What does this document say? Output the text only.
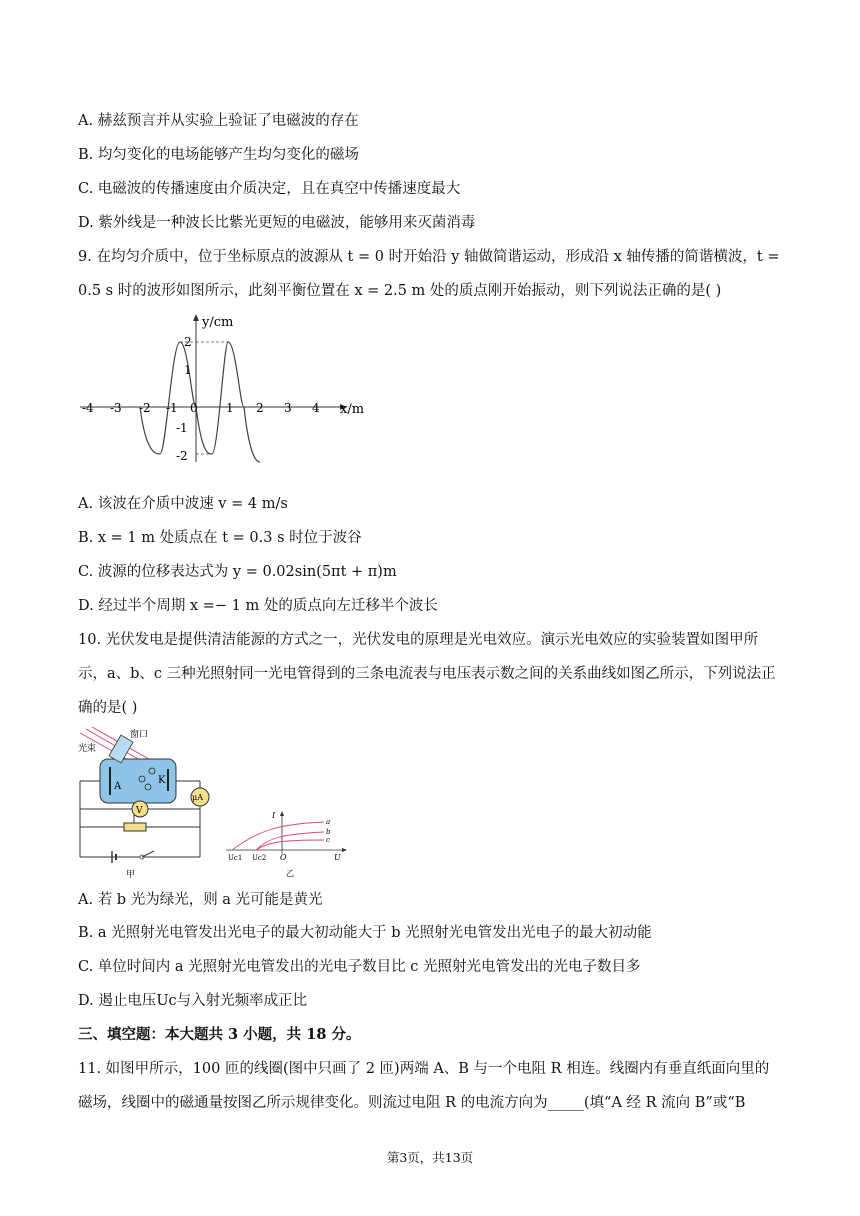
A. 赫兹预言并从实验上验证了电磁波的存在
B. 均匀变化的电场能够产生均匀变化的磁场
C. 电磁波的传播速度由介质决定，且在真空中传播速度最大
D. 紫外线是一种波长比紫光更短的电磁波，能够用来灭菌消毒
9. 在均匀介质中，位于坐标原点的波源从 t = 0 时开始沿 y 轴做简谐运动，形成沿 x 轴传播的简谐横波，t = 0.5 s 时的波形如图所示，此刻平衡位置在 x = 2.5 m 处的质点刚开始振动，则下列说法正确的是( )
y/cm
x/m
2
1
-1
-2
-4 -3 -2 -1 0 1 2 3 4
A. 该波在介质中波速 v = 4 m/s
B. x = 1 m 处质点在 t = 0.3 s 时位于波谷
C. 波源的位移表达式为 y = 0.02sin(5πt + π)m
D. 经过半个周期 x =− 1 m 处的质点向左迁移半个波长
10. 光伏发电是提供清洁能源的方式之一，光伏发电的原理是光电效应。演示光电效应的实验装置如图甲所示，a、b、c 三种光照射同一光电管得到的三条电流表与电压表示数之间的关系曲线如图乙所示，下列说法正确的是( )
光束
窗口
A
K
V
μA
甲
I
U
O
Uc1 Uc2
a
b
c
乙
A. 若 b 光为绿光，则 a 光可能是黄光
B. a 光照射光电管发出光电子的最大初动能大于 b 光照射光电管发出光电子的最大初动能
C. 单位时间内 a 光照射光电管发出的光电子数目比 c 光照射光电管发出的光电子数目多
D. 遏止电压Uc与入射光频率成正比
三、填空题：本大题共 3 小题，共 18 分。
11. 如图甲所示，100 匝的线圈(图中只画了 2 匝)两端 A、B 与一个电阻 R 相连。线圈内有垂直纸面向里的磁场，线圈中的磁通量按图乙所示规律变化。则流过电阻 R 的电流方向为_____(填“A 经 R 流向 B”或“B
第3页，共13页
